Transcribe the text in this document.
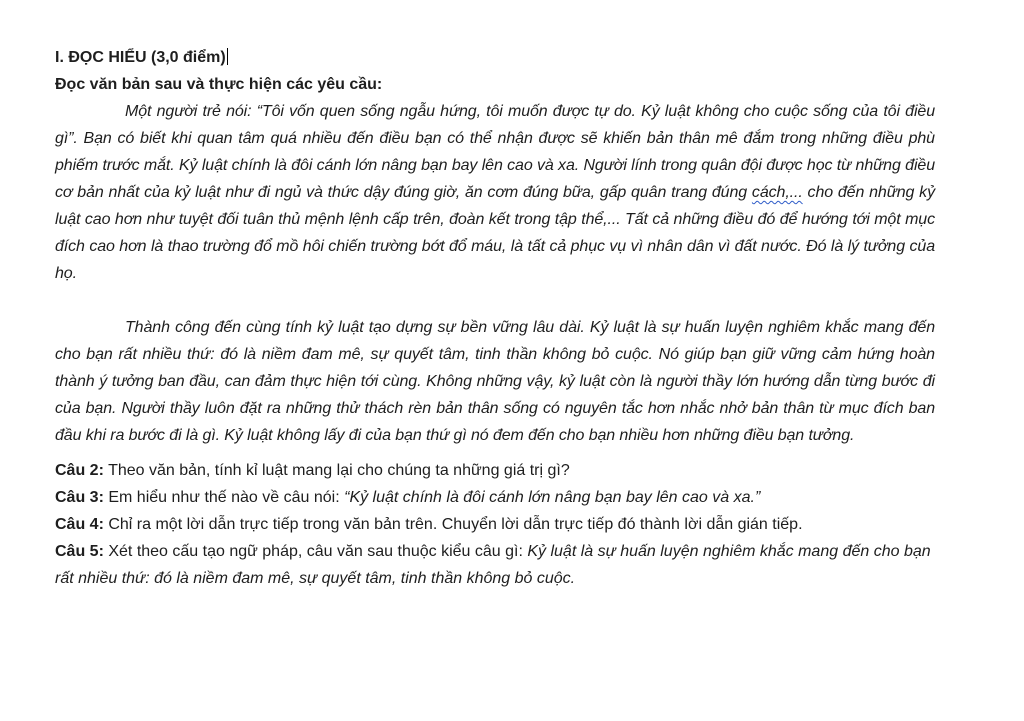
I. ĐỌC HIỂU (3,0 điểm)

Đọc văn bản sau và thực hiện các yêu cầu:

Một người trẻ nói: “Tôi vốn quen sống ngẫu hứng, tôi muốn được tự do. Kỷ luật không cho cuộc sống của tôi điều gì”. Bạn có biết khi quan tâm quá nhiều đến điều bạn có thể nhận được sẽ khiến bản thân mê đắm trong những điều phù phiếm trước mắt. Kỷ luật chính là đôi cánh lớn nâng bạn bay lên cao và xa. Người lính trong quân đội được học từ những điều cơ bản nhất của kỷ luật như đi ngủ và thức dậy đúng giờ, ăn cơm đúng bữa, gấp quân trang đúng cách,... cho đến những kỷ luật cao hơn như tuyệt đối tuân thủ mệnh lệnh cấp trên, đoàn kết trong tập thể,... Tất cả những điều đó để hướng tới một mục đích cao hơn là thao trường đổ mồ hôi chiến trường bớt đổ máu, là tất cả phục vụ vì nhân dân vì đất nước. Đó là lý tưởng của họ.

Thành công đến cùng tính kỷ luật tạo dựng sự bền vững lâu dài. Kỷ luật là sự huấn luyện nghiêm khắc mang đến cho bạn rất nhiều thứ: đó là niềm đam mê, sự quyết tâm, tinh thần không bỏ cuộc. Nó giúp bạn giữ vững cảm hứng hoàn thành ý tưởng ban đầu, can đảm thực hiện tới cùng. Không những vậy, kỷ luật còn là người thầy lớn hướng dẫn từng bước đi của bạn. Người thầy luôn đặt ra những thử thách rèn bản thân sống có nguyên tắc hơn nhắc nhở bản thân từ mục đích ban đầu khi ra bước đi là gì. Kỷ luật không lấy đi của bạn thứ gì nó đem đến cho bạn nhiều hơn những điều bạn tưởng.

Câu 2: Theo văn bản, tính kỉ luật mang lại cho chúng ta những giá trị gì?

Câu 3: Em hiểu như thế nào về câu nói: “Kỷ luật chính là đôi cánh lớn nâng bạn bay lên cao và xa.”

Câu 4: Chỉ ra một lời dẫn trực tiếp trong văn bản trên. Chuyển lời dẫn trực tiếp đó thành lời dẫn gián tiếp.

Câu 5: Xét theo cấu tạo ngữ pháp, câu văn sau thuộc kiểu câu gì: Kỷ luật là sự huấn luyện nghiêm khắc mang đến cho bạn rất nhiều thứ: đó là niềm đam mê, sự quyết tâm, tinh thần không bỏ cuộc.
